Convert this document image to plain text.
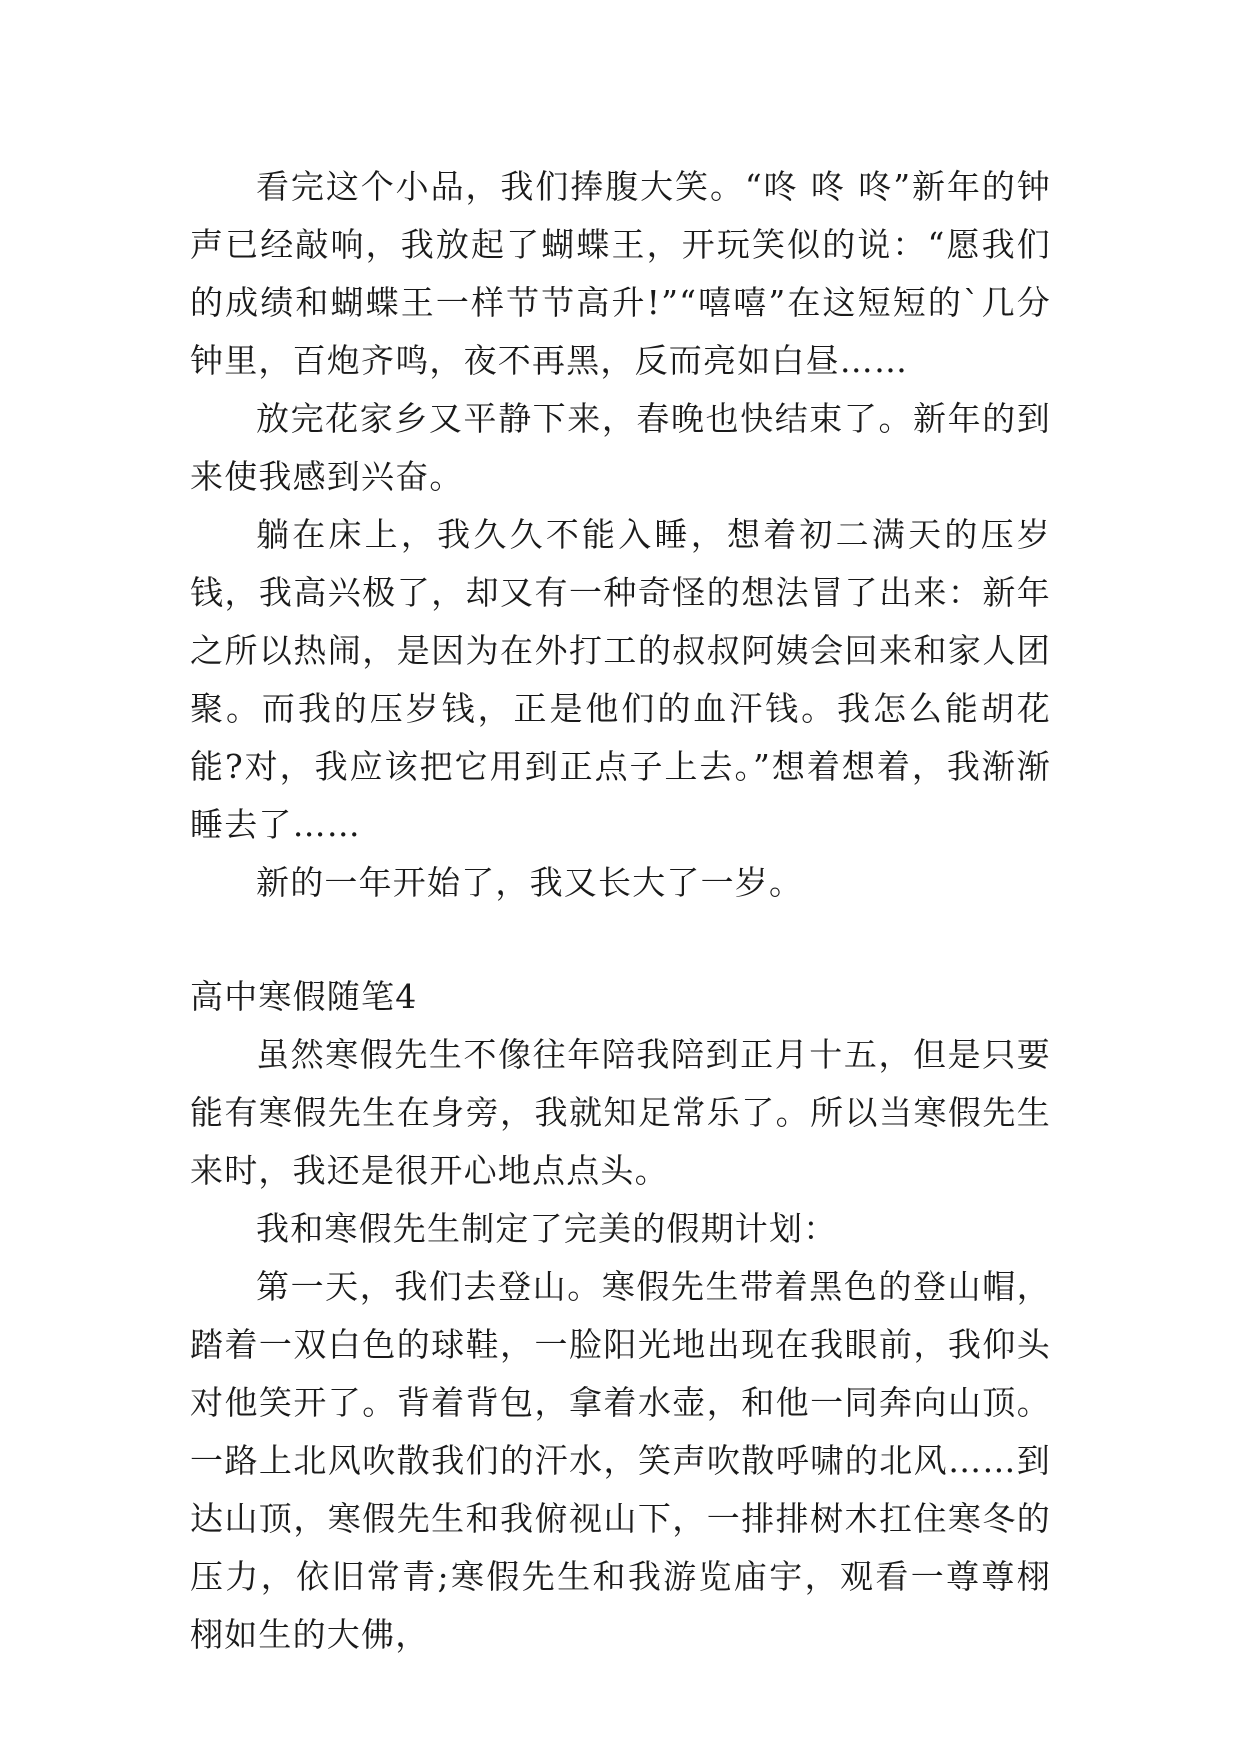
看完这个小品，我们捧腹大笑。“咚 咚 咚”新年的钟声已经敲响，我放起了蝴蝶王，开玩笑似的说：“愿我们的成绩和蝴蝶王一样节节高升!”“嘻嘻”在这短短的`几分钟里，百炮齐鸣，夜不再黑，反而亮如白昼……

放完花家乡又平静下来，春晚也快结束了。新年的到来使我感到兴奋。

躺在床上，我久久不能入睡，想着初二满天的压岁钱，我高兴极了，却又有一种奇怪的想法冒了出来：新年之所以热闹，是因为在外打工的叔叔阿姨会回来和家人团聚。而我的压岁钱，正是他们的血汗钱。我怎么能胡花能?对，我应该把它用到正点子上去。”想着想着，我渐渐睡去了……

新的一年开始了，我又长大了一岁。

高中寒假随笔4

虽然寒假先生不像往年陪我陪到正月十五，但是只要能有寒假先生在身旁，我就知足常乐了。所以当寒假先生来时，我还是很开心地点点头。

我和寒假先生制定了完美的假期计划：

第一天，我们去登山。寒假先生带着黑色的登山帽，踏着一双白色的球鞋，一脸阳光地出现在我眼前，我仰头对他笑开了。背着背包，拿着水壶，和他一同奔向山顶。一路上北风吹散我们的汗水，笑声吹散呼啸的北风……到达山顶，寒假先生和我俯视山下，一排排树木扛住寒冬的压力，依旧常青;寒假先生和我游览庙宇，观看一尊尊栩栩如生的大佛，
